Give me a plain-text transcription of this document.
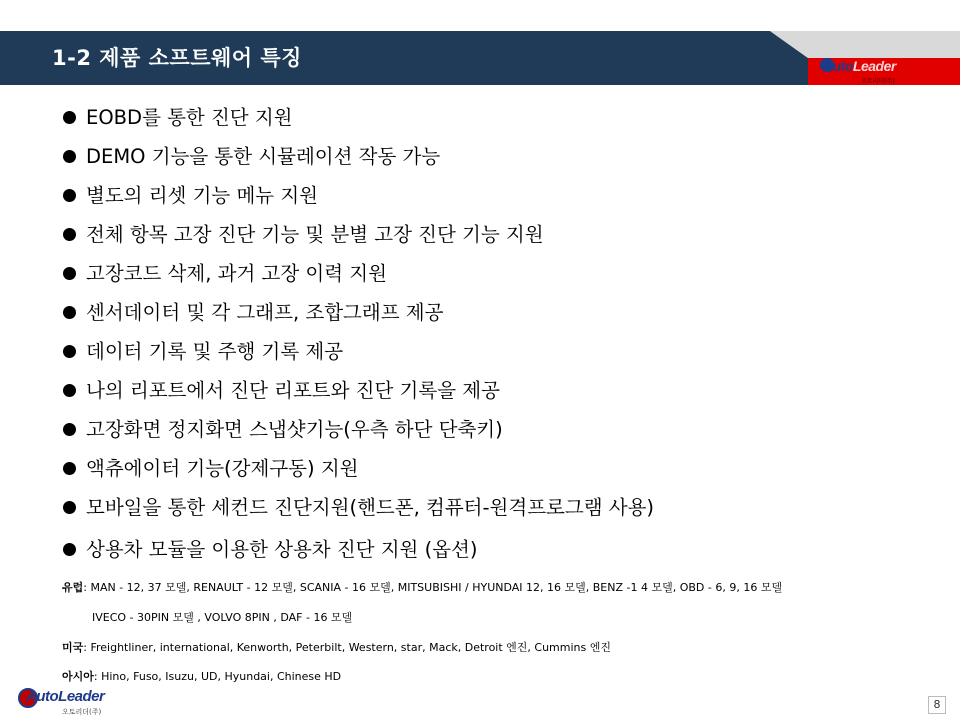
1-2 제품 소프트웨어 특징	AutoLeader
오토리더(주)
EOBD를 통한 진단 지원
DEMO 기능을 통한 시뮬레이션 작동 가능
별도의 리셋 기능 메뉴 지원
전체 항목 고장 진단 기능 및 분별 고장 진단 기능 지원
고장코드 삭제, 과거 고장 이력 지원
센서데이터 및 각 그래프, 조합그래프 제공
데이터 기록 및 주행 기록 제공
나의 리포트에서 진단 리포트와 진단 기록을 제공
고장화면 정지화면 스냅샷기능(우측 하단 단축키)
액츄에이터 기능(강제구동) 지원
모바일을 통한 세컨드 진단지원(핸드폰, 컴퓨터-원격프로그램 사용)
상용차 모듈을 이용한 상용차 진단 지원 (옵션)
유럽: MAN - 12, 37 모델, RENAULT - 12 모델, SCANIA - 16 모델, MITSUBISHI / HYUNDAI 12, 16 모델, BENZ -1 4 모델, OBD - 6, 9, 16 모델
IVECO - 30PIN 모델 , VOLVO 8PIN , DAF - 16 모델
미국: Freightliner, international, Kenworth, Peterbilt, Western, star, Mack, Detroit 엔진, Cummins 엔진
아시아: Hino, Fuso, Isuzu, UD, Hyundai, Chinese HD
AutoLeader
오토리더(주)
8
